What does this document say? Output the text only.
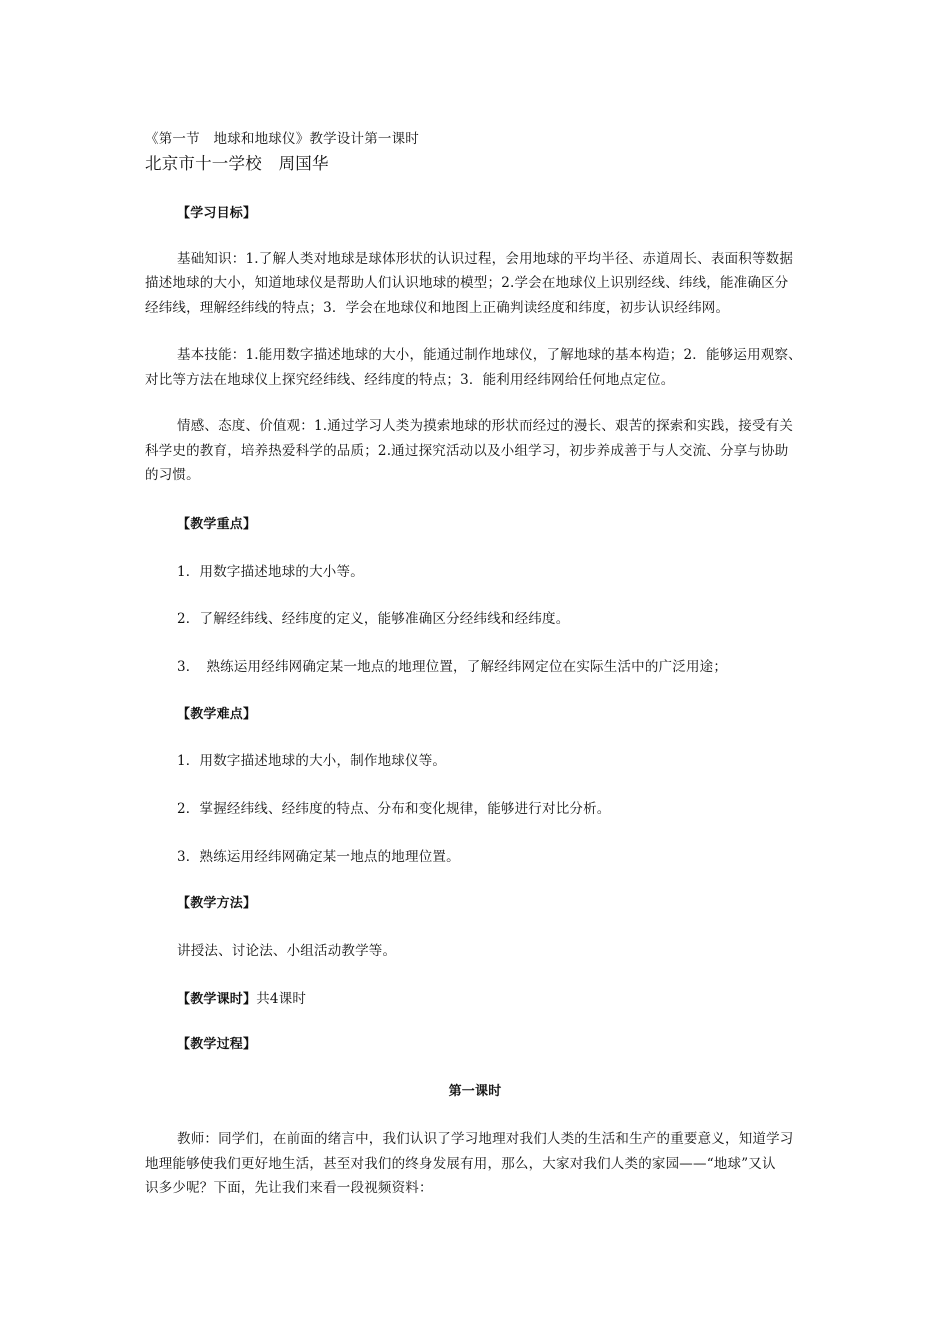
《第一节　地球和地球仪》教学设计第一课时
北京市十一学校　周国华
【学习目标】
基础知识：1.了解人类对地球是球体形状的认识过程，会用地球的平均半径、赤道周长、表面积等数据
描述地球的大小，知道地球仪是帮助人们认识地球的模型；2.学会在地球仪上识别经线、纬线，能准确区分
经纬线，理解经纬线的特点；3．学会在地球仪和地图上正确判读经度和纬度，初步认识经纬网。
基本技能：1.能用数字描述地球的大小，能通过制作地球仪，了解地球的基本构造；2．能够运用观察、
对比等方法在地球仪上探究经纬线、经纬度的特点；3．能利用经纬网给任何地点定位。
情感、态度、价值观：1.通过学习人类为摸索地球的形状而经过的漫长、艰苦的探索和实践，接受有关
科学史的教育，培养热爱科学的品质；2.通过探究活动以及小组学习，初步养成善于与人交流、分享与协助
的习惯。
【教学重点】
1．用数字描述地球的大小等。
2．了解经纬线、经纬度的定义，能够准确区分经纬线和经纬度。
3．　熟练运用经纬网确定某一地点的地理位置，了解经纬网定位在实际生活中的广泛用途；
【教学难点】
1．用数字描述地球的大小，制作地球仪等。
2．掌握经纬线、经纬度的特点、分布和变化规律，能够进行对比分析。
3．熟练运用经纬网确定某一地点的地理位置。
【教学方法】
讲授法、讨论法、小组活动教学等。
【教学课时】共4课时
【教学过程】
第一课时
教师：同学们，在前面的绪言中，我们认识了学习地理对我们人类的生活和生产的重要意义，知道学习
地理能够使我们更好地生活，甚至对我们的终身发展有用，那么，大家对我们人类的家园——“地球”又认
识多少呢？下面，先让我们来看一段视频资料：
